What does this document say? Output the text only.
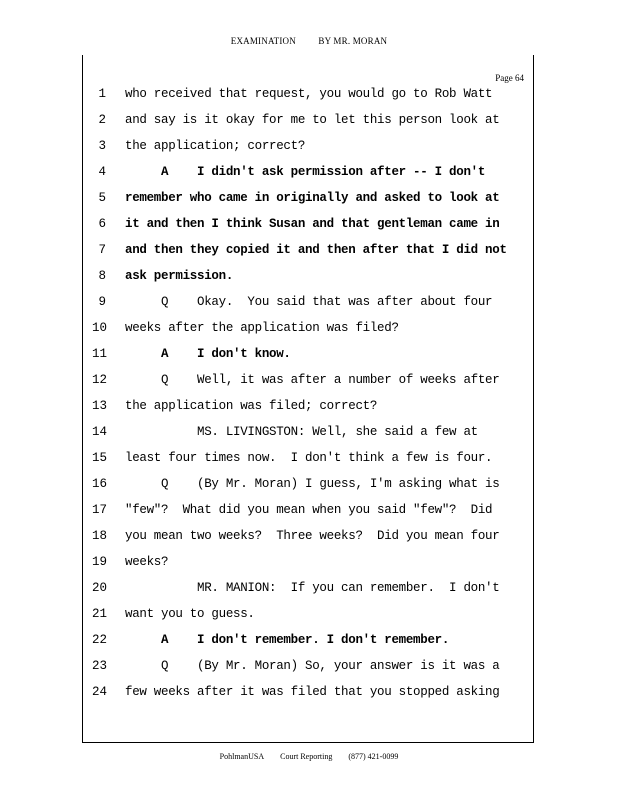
EXAMINATION BY MR. MORAN
Page 64
1 who received that request, you would go to Rob Watt
2 and say is it okay for me to let this person look at
3 the application; correct?
4 A    I didn't ask permission after -- I don't
5 remember who came in originally and asked to look at
6 it and then I think Susan and that gentleman came in
7 and then they copied it and then after that I did not
8 ask permission.
9 Q    Okay.  You said that was after about four
10 weeks after the application was filed?
11 A    I don't know.
12 Q    Well, it was after a number of weeks after
13 the application was filed; correct?
14 MS. LIVINGSTON: Well, she said a few at
15 least four times now.  I don't think a few is four.
16 Q    (By Mr. Moran) I guess, I'm asking what is
17 "few"?  What did you mean when you said "few"?  Did
18 you mean two weeks?  Three weeks?  Did you mean four
19 weeks?
20 MR. MANION:  If you can remember.  I don't
21 want you to guess.
22 A    I don't remember. I don't remember.
23 Q    (By Mr. Moran) So, your answer is it was a
24 few weeks after it was filed that you stopped asking
PohlmanUSA Court Reporting (877) 421-0099
